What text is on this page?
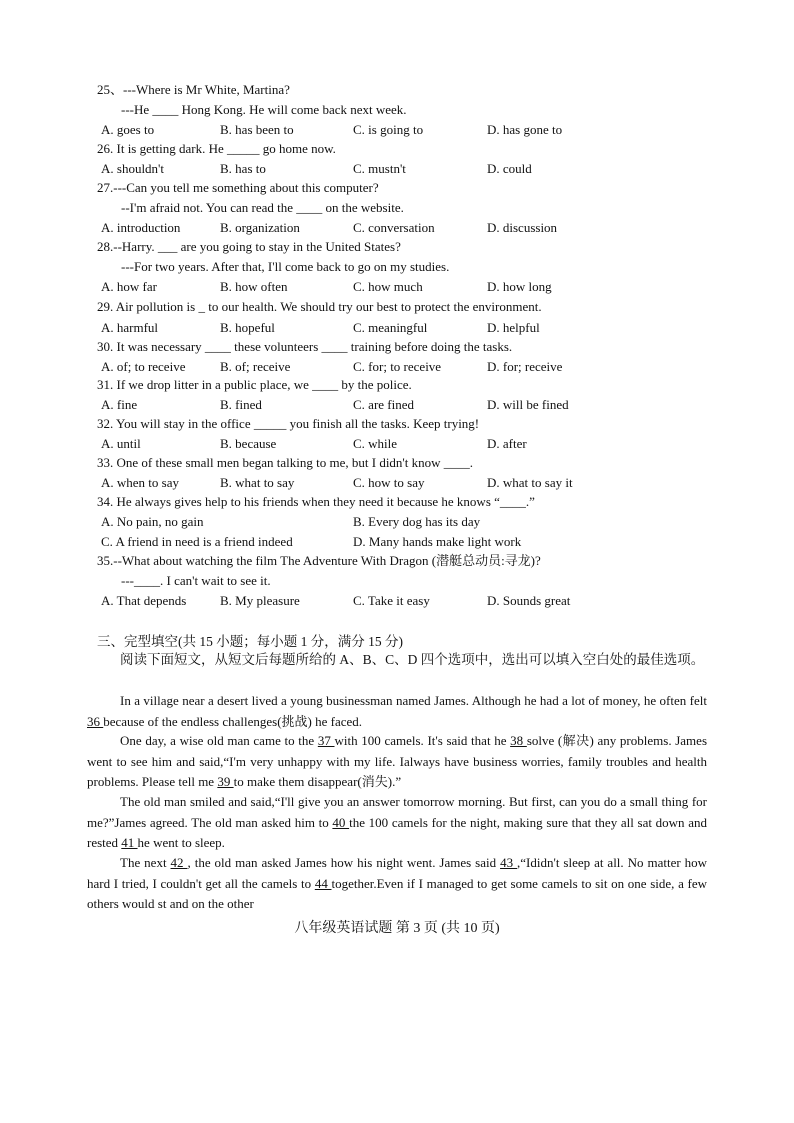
25、---Where is Mr White, Martina?
---He ____ Hong Kong. He will come back next week.
A. goes to	B. has been to	C. is going to	D. has gone to
26. It is getting dark. He _____ go home now.
A. shouldn't	B. has to	C. mustn't	D. could
27.---Can you tell me something about this computer?
--I'm afraid not. You can read the ____ on the website.
A. introduction	B. organization	C. conversation	D. discussion
28.--Harry. ___ are you going to stay in the United States?
---For two years. After that, I'll come back to go on my studies.
A. how far	B. how often	C. how much	D. how long
29. Air pollution is _ to our health. We should try our best to protect the environment.
A. harmful	B. hopeful	C. meaningful	D. helpful
30. It was necessary ____ these volunteers ____ training before doing the tasks.
A. of; to receive	B. of; receive	C. for; to receive	D. for; receive
31. If we drop litter in a public place, we ____ by the police.
A. fine	B. fined	C. are fined	D. will be fined
32. You will stay in the office _____ you finish all the tasks. Keep trying!
A. until	B. because	C. while	D. after
33. One of these small men began talking to me, but I didn't know ____.
A. when to say	B. what to say	C. how to say	D. what to say it
34. He always gives help to his friends when they need it because he knows “____.”
A. No pain, no gain	B. Every dog has its day
C. A friend in need is a friend indeed	D. Many hands make light work
35.--What about watching the film The Adventure With Dragon (潜艇总动员:寻龙)?
---____. I can't wait to see it.
A. That depends	B. My pleasure	C. Take it easy	D. Sounds great
三、完型填空(共 15 小题；每小题 1 分，满分 15 分)
阅读下面短文，从短文后每题所给的 A、B、C、D 四个选项中，选出可以填入空白处的最佳选项。
In a village near a desert lived a young businessman named James. Although he had a lot of money, he often felt 36 because of the endless challenges(挑战) he faced.
One day, a wise old man came to the 37 with 100 camels. It's said that he 38 solve (解决) any problems. James went to see him and said,“I'm very unhappy with my life. Ialways have business worries, family troubles and health problems. Please tell me 39 to make them disappear(消失).”
The old man smiled and said,“I'll give you an answer tomorrow morning. But first, can you do a small thing for me?”James agreed. The old man asked him to 40 the 100 camels for the night, making sure that they all sat down and rested 41 he went to sleep.
The next 42 , the old man asked James how his night went. James said 43 ,“Ididn't sleep at all. No matter how hard I tried, I couldn't get all the camels to 44 together.Even if I managed to get some camels to sit on one side, a few others would st and on the other
八年级英语试题 第 3 页 (共 10 页)
